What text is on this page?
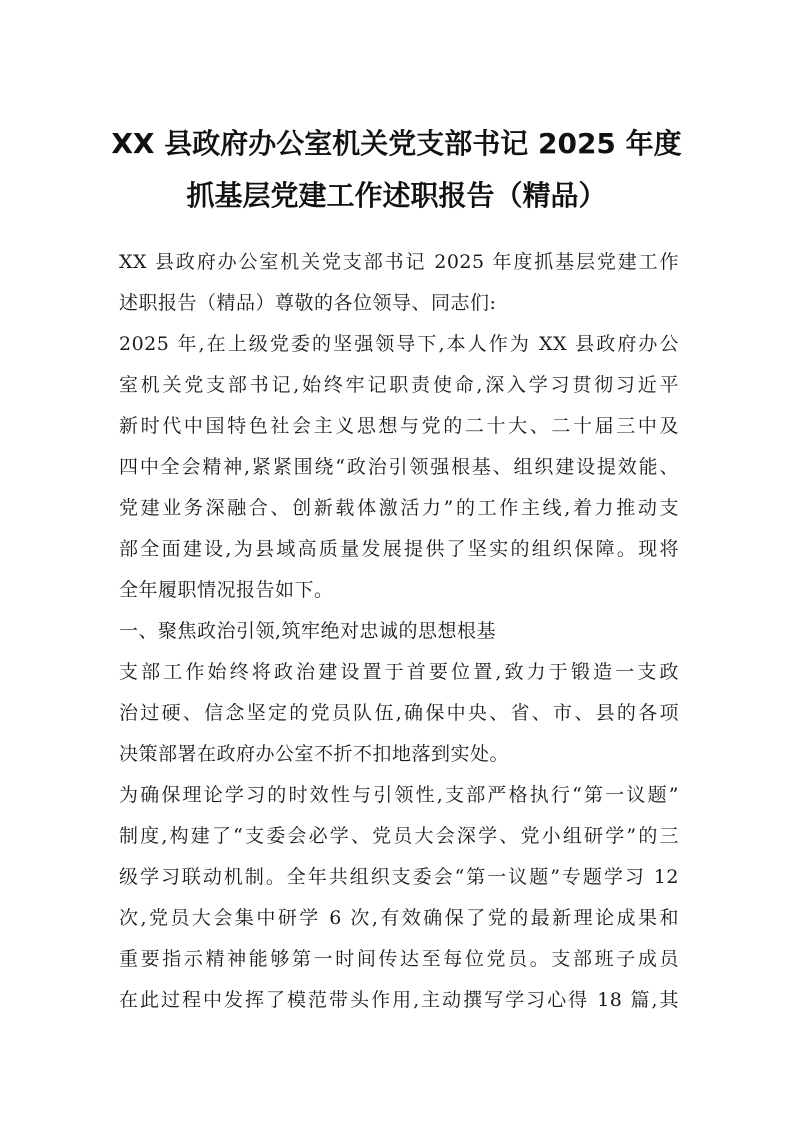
XX 县政府办公室机关党支部书记 2025 年度
抓基层党建工作述职报告（精品）
XX 县政府办公室机关党支部书记 2025 年度抓基层党建工作
述职报告（精品）尊敬的各位领导、同志们:
2025 年,在上级党委的坚强领导下,本人作为 XX 县政府办公
室机关党支部书记,始终牢记职责使命,深入学习贯彻习近平
新时代中国特色社会主义思想与党的二十大、二十届三中及
四中全会精神,紧紧围绕“政治引领强根基、组织建设提效能、
党建业务深融合、创新载体激活力”的工作主线,着力推动支
部全面建设,为县域高质量发展提供了坚实的组织保障。现将
全年履职情况报告如下。
一、聚焦政治引领,筑牢绝对忠诚的思想根基
支部工作始终将政治建设置于首要位置,致力于锻造一支政
治过硬、信念坚定的党员队伍,确保中央、省、市、县的各项
决策部署在政府办公室不折不扣地落到实处。
为确保理论学习的时效性与引领性,支部严格执行“第一议题”
制度,构建了“支委会必学、党员大会深学、党小组研学”的三
级学习联动机制。全年共组织支委会“第一议题”专题学习 12
次,党员大会集中研学 6 次,有效确保了党的最新理论成果和
重要指示精神能够第一时间传达至每位党员。支部班子成员
在此过程中发挥了模范带头作用,主动撰写学习心得 18 篇,其
